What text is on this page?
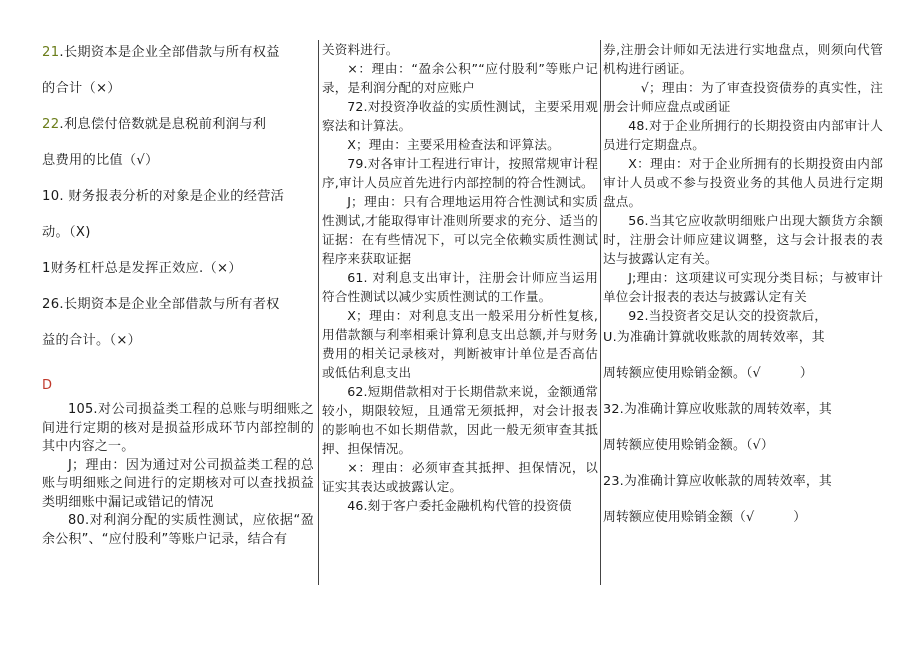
21.长期资本是企业全部借款与所有权益

的合计（×）

22.利息偿付倍数就是息税前利润与利

息费用的比值（√）

10. 财务报表分析的对象是企业的经营活

动。（X)

1财务杠杆总是发挥正效应.（×）

26.长期资本是企业全部借款与所有者权

益的合计。（×）

D

105.对公司损益类工程的总账与明细账之间进行定期的核对是损益形成环节内部控制的其中内容之一。

J；理由：因为通过对公司损益类工程的总账与明细账之间进行的定期核对可以查找损益类明细账中漏记或错记的情况

80.对利润分配的实质性测试，应依据“盈余公积”、“应付股利”等账户记录，结合有

关资料进行。

×：理由：“盈余公积”“应付股利”等账户记录，是利润分配的对应账户

72.对投资净收益的实质性测试，主要采用观察法和计算法。

X；理由：主要采用检查法和评算法。

79.对各审计工程进行审计，按照常规审计程序,审计人员应首先进行内部控制的符合性测试。

J；理由：只有合理地运用符合性测试和实质性测试,才能取得审计准则所要求的充分、适当的证据：在有些情况下，可以完全依赖实质性测试程序来获取证据

61. 对利息支出审计，注册会计师应当运用符合性测试以减少实质性测试的工作量。

X；理由：对利息支出一般采用分析性复核,用借款额与利率相乘计算利息支出总额,并与财务费用的相关记录核对，判断被审计单位是否高估或低估利息支出

62.短期借款相对于长期借款来说，金额通常较小，期限较短，且通常无须抵押，对会计报表的影响也不如长期借款，因此一般无须审查其抵押、担保情况。

×：理由：必须审查其抵押、担保情况，以证实其表达或披露认定。

46.刻于客户委托金融机构代管的投资债

券,注册会计师如无法进行实地盘点，则须向代管机构进行函证。

√；理由：为了审查投资债券的真实性，注册会计师应盘点或函证

48.对于企业所拥行的长期投资由内部审计人员进行定期盘点。

X：理由：对于企业所拥有的长期投资由内部审计人员或不参与投资业务的其他人员进行定期盘点。

56.当其它应收款明细账户出现大额货方余额时，注册会计师应建议调整，这与会计报表的表达与披露认定有关。

J;理由：这项建议可实现分类目标；与被审计单位会计报表的表达与披露认定有关

92.当投资者交足认交的投资款后，

U.为准确计算就收账款的周转效率，其

周转额应使用赊销金额。（√　　　）

32.为准确计算应收账款的周转效率，其

周转额应使用赊销金额。（√）

23.为准确计算应收帐款的周转效率，其

周转额应使用赊销金额（√　　　）
